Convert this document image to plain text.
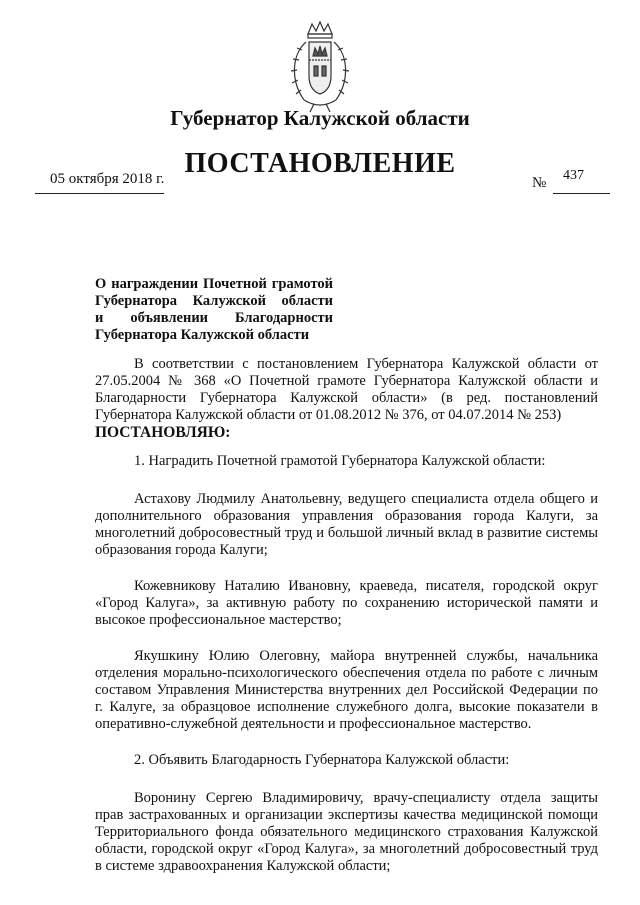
Губернатор Калужской области
ПОСТАНОВЛЕНИЕ
05 октября 2018 г.	№ 437
О награждении Почетной грамотой
Губернатора Калужской области
и объявлении Благодарности
Губернатора Калужской области

В соответствии с постановлением Губернатора Калужской области от 27.05.2004 № 368 «О Почетной грамоте Губернатора Калужской области и Благодарности Губернатора Калужской области» (в ред. постановлений Губернатора Калужской области от 01.08.2012 № 376, от 04.07.2014 № 253)

ПОСТАНОВЛЯЮ:

1. Наградить Почетной грамотой Губернатора Калужской области:

Астахову Людмилу Анатольевну, ведущего специалиста отдела общего и дополнительного образования управления образования города Калуги, за многолетний добросовестный труд и большой личный вклад в развитие системы образования города Калуги;

Кожевникову Наталию Ивановну, краеведа, писателя, городской округ «Город Калуга», за активную работу по сохранению исторической памяти и высокое профессиональное мастерство;

Якушкину Юлию Олеговну, майора внутренней службы, начальника отделения морально-психологического обеспечения отдела по работе с личным составом Управления Министерства внутренних дел Российской Федерации по г. Калуге, за образцовое исполнение служебного долга, высокие показатели в оперативно-служебной деятельности и профессиональное мастерство.

2. Объявить Благодарность Губернатора Калужской области:

Воронину Сергею Владимировичу, врачу-специалисту отдела защиты прав застрахованных и организации экспертизы качества медицинской помощи Территориального фонда обязательного медицинского страхования Калужской области, городской округ «Город Калуга», за многолетний добросовестный труд в системе здравоохранения Калужской области;
